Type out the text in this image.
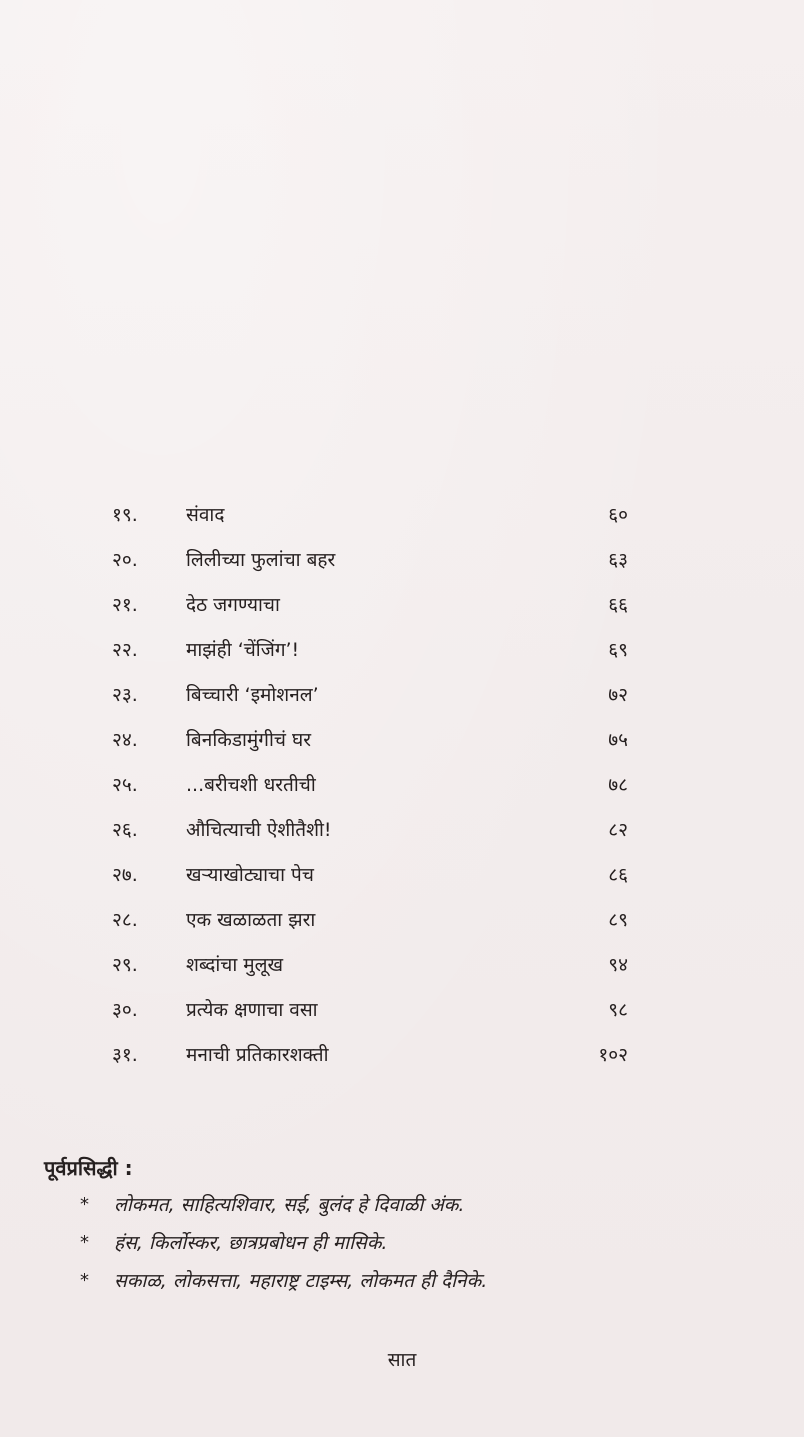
१९.	संवाद	६०
२०.	लिलीच्या फुलांचा बहर	६३
२१.	देठ जगण्याचा	६६
२२.	माझंही ‘चेंजिंग’!	६९
२३.	बिच्चारी ‘इमोशनल’	७२
२४.	बिनकिडामुंगीचं घर	७५
२५.	...बरीचशी धरतीची	७८
२६.	औचित्याची ऐशीतैशी!	८२
२७.	खऱ्याखोट्याचा पेच	८६
२८.	एक खळाळता झरा	८९
२९.	शब्दांचा मुलूख	९४
३०.	प्रत्येक क्षणाचा वसा	९८
३१.	मनाची प्रतिकारशक्ती	१०२
पूर्वप्रसिद्धी :
* लोकमत, साहित्यशिवार, सई, बुलंद हे दिवाळी अंक.
* हंस, किर्लोस्कर, छात्रप्रबोधन ही मासिके.
* सकाळ, लोकसत्ता, महाराष्ट्र टाइम्स, लोकमत ही दैनिके.
सात
